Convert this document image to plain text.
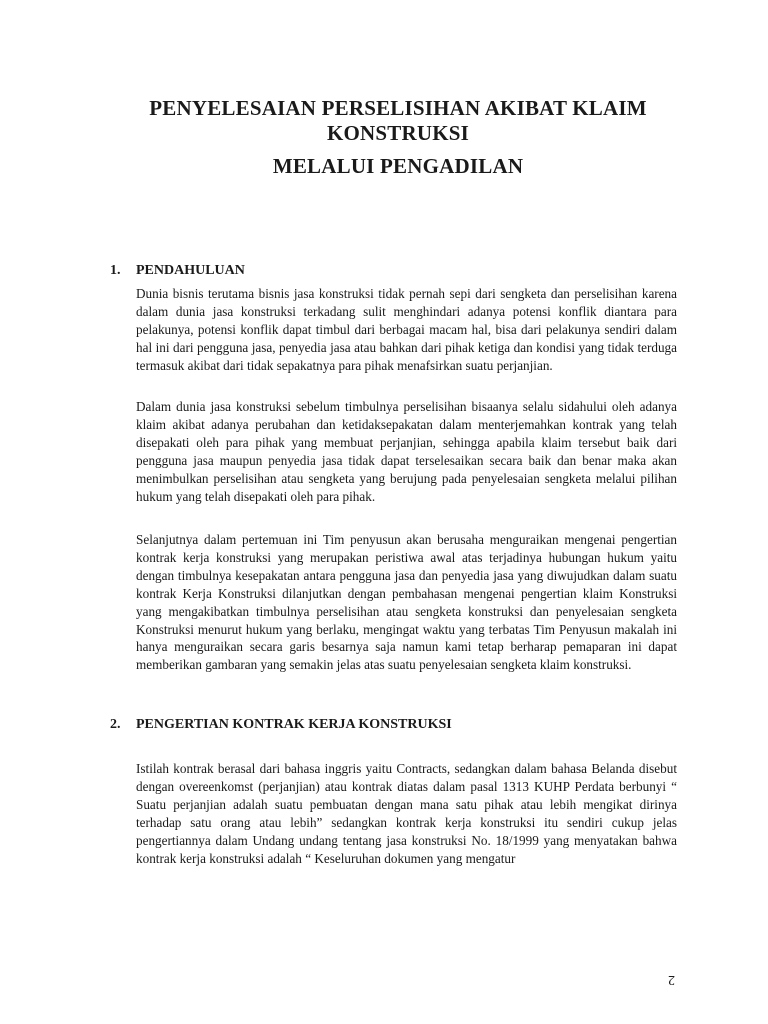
PENYELESAIAN PERSELISIHAN AKIBAT KLAIM KONSTRUKSI
MELALUI PENGADILAN
1. PENDAHULUAN
Dunia bisnis terutama bisnis jasa konstruksi tidak pernah sepi dari sengketa dan perselisihan karena dalam dunia jasa konstruksi terkadang sulit menghindari adanya potensi konflik diantara para pelakunya, potensi konflik dapat timbul dari berbagai macam hal, bisa dari pelakunya sendiri dalam hal ini dari pengguna jasa, penyedia jasa atau bahkan dari pihak ketiga dan kondisi yang tidak terduga termasuk akibat dari tidak sepakatnya para pihak menafsirkan suatu perjanjian.
Dalam dunia jasa konstruksi sebelum timbulnya perselisihan bisaanya selalu sidahului oleh adanya klaim akibat adanya perubahan dan ketidaksepakatan dalam menterjemahkan kontrak yang telah disepakati oleh para pihak yang membuat perjanjian, sehingga apabila klaim tersebut baik dari pengguna jasa maupun penyedia jasa tidak dapat terselesaikan secara baik dan benar maka akan menimbulkan perselisihan atau sengketa yang berujung pada penyelesaian sengketa melalui pilihan hukum yang telah disepakati oleh para pihak.
Selanjutnya dalam pertemuan ini Tim penyusun akan berusaha menguraikan mengenai pengertian kontrak kerja konstruksi yang merupakan peristiwa awal atas terjadinya hubungan hukum yaitu dengan timbulnya kesepakatan antara pengguna jasa dan penyedia jasa yang diwujudkan dalam suatu kontrak Kerja Konstruksi dilanjutkan dengan pembahasan mengenai pengertian klaim Konstruksi yang mengakibatkan timbulnya perselisihan atau sengketa konstruksi dan penyelesaian sengketa Konstruksi menurut hukum yang berlaku, mengingat waktu yang terbatas Tim Penyusun makalah ini hanya menguraikan secara garis besarnya saja namun kami tetap berharap pemaparan ini dapat memberikan gambaran yang semakin jelas atas suatu penyelesaian sengketa klaim konstruksi.
2. PENGERTIAN KONTRAK KERJA KONSTRUKSI
Istilah kontrak berasal dari bahasa inggris yaitu Contracts, sedangkan dalam bahasa Belanda disebut dengan overeenkomst (perjanjian) atau kontrak diatas dalam pasal 1313 KUHP Perdata berbunyi “ Suatu perjanjian adalah suatu pembuatan dengan mana satu pihak atau lebih mengikat dirinya terhadap satu orang atau lebih” sedangkan kontrak kerja konstruksi itu sendiri cukup jelas pengertiannya dalam Undang undang tentang jasa konstruksi No. 18/1999 yang menyatakan bahwa kontrak kerja konstruksi adalah “ Keseluruhan dokumen yang mengatur
2
